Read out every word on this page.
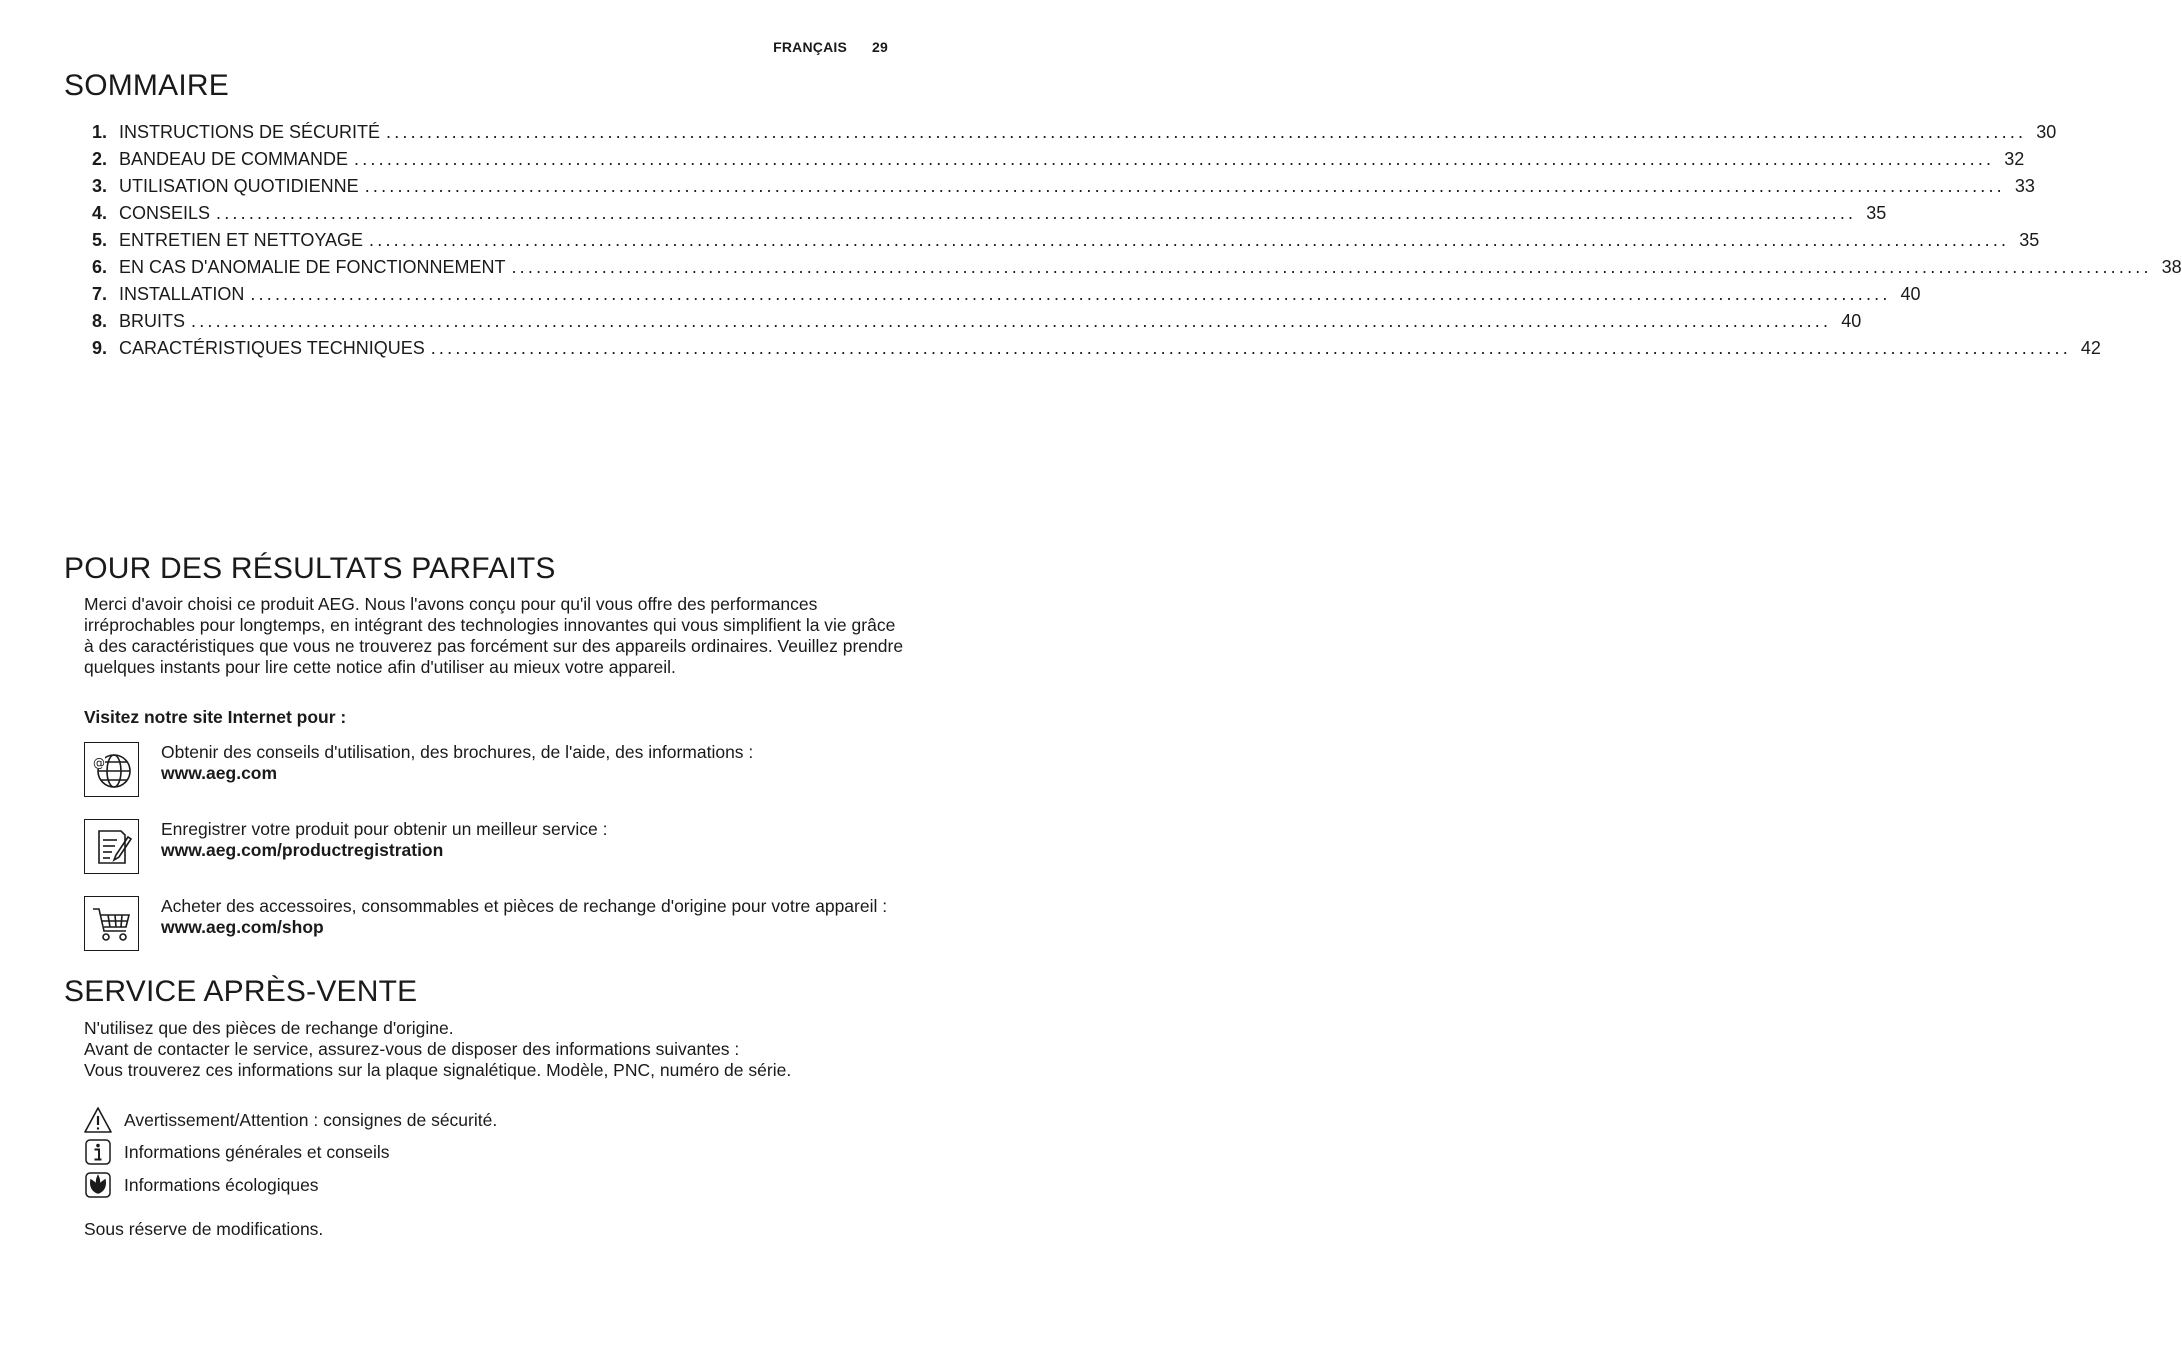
FRANÇAIS 29
SOMMAIRE
1. INSTRUCTIONS DE SÉCURITÉ ........................................................................................................................................................................................................ 30
2. BANDEAU DE COMMANDE ........................................................................................................................................................................................................ 32
3. UTILISATION QUOTIDIENNE ........................................................................................................................................................................................................ 33
4. CONSEILS ........................................................................................................................................................................................................ 35
5. ENTRETIEN ET NETTOYAGE ........................................................................................................................................................................................................ 35
6. EN CAS D'ANOMALIE DE FONCTIONNEMENT ........................................................................................................................................................................................................ 38
7. INSTALLATION ........................................................................................................................................................................................................ 40
8. BRUITS ........................................................................................................................................................................................................ 40
9. CARACTÉRISTIQUES TECHNIQUES ........................................................................................................................................................................................................ 42
POUR DES RÉSULTATS PARFAITS

Merci d'avoir choisi ce produit AEG. Nous l'avons conçu pour qu'il vous offre des performances irréprochables pour longtemps, en intégrant des technologies innovantes qui vous simplifient la vie grâce à des caractéristiques que vous ne trouverez pas forcément sur des appareils ordinaires. Veuillez prendre quelques instants pour lire cette notice afin d'utiliser au mieux votre appareil.

Visitez notre site Internet pour :

@
Obtenir des conseils d'utilisation, des brochures, de l'aide, des informations :
www.aeg.com
Enregistrer votre produit pour obtenir un meilleur service :
www.aeg.com/productregistration
Acheter des accessoires, consommables et pièces de rechange d'origine pour votre appareil :
www.aeg.com/shop
SERVICE APRÈS-VENTE
N'utilisez que des pièces de rechange d'origine.
Avant de contacter le service, assurez-vous de disposer des informations suivantes :
Vous trouverez ces informations sur la plaque signalétique. Modèle, PNC, numéro de série.
Avertissement/Attention : consignes de sécurité.
Informations générales et conseils
Informations écologiques

Sous réserve de modifications.
